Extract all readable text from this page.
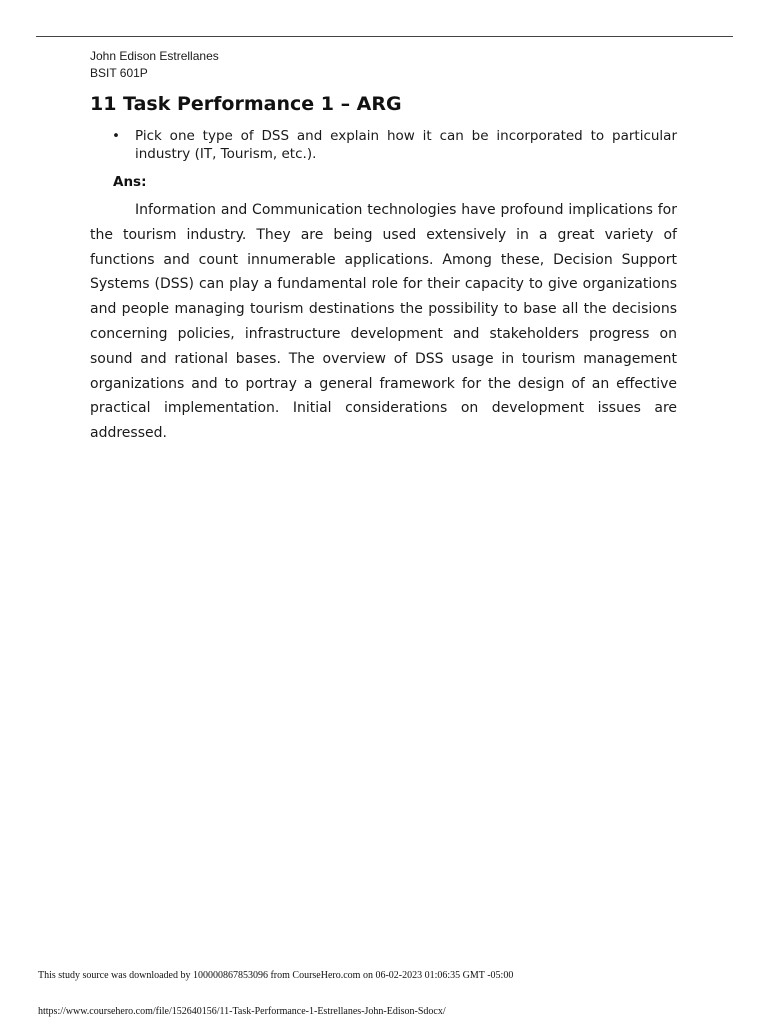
John Edison Estrellanes
BSIT 601P
11 Task Performance 1 – ARG
• Pick one type of DSS and explain how it can be incorporated to particular industry (IT, Tourism, etc.).
Ans:

Information and Communication technologies have profound implications for the tourism industry. They are being used extensively in a great variety of functions and count innumerable applications. Among these, Decision Support Systems (DSS) can play a fundamental role for their capacity to give organizations and people managing tourism destinations the possibility to base all the decisions concerning policies, infrastructure development and stakeholders progress on sound and rational bases. The overview of DSS usage in tourism management organizations and to portray a general framework for the design of an effective practical implementation. Initial considerations on development issues are addressed.

This study source was downloaded by 100000867853096 from CourseHero.com on 06-02-2023 01:06:35 GMT -05:00
https://www.coursehero.com/file/152640156/11-Task-Performance-1-Estrellanes-John-Edison-Sdocx/
